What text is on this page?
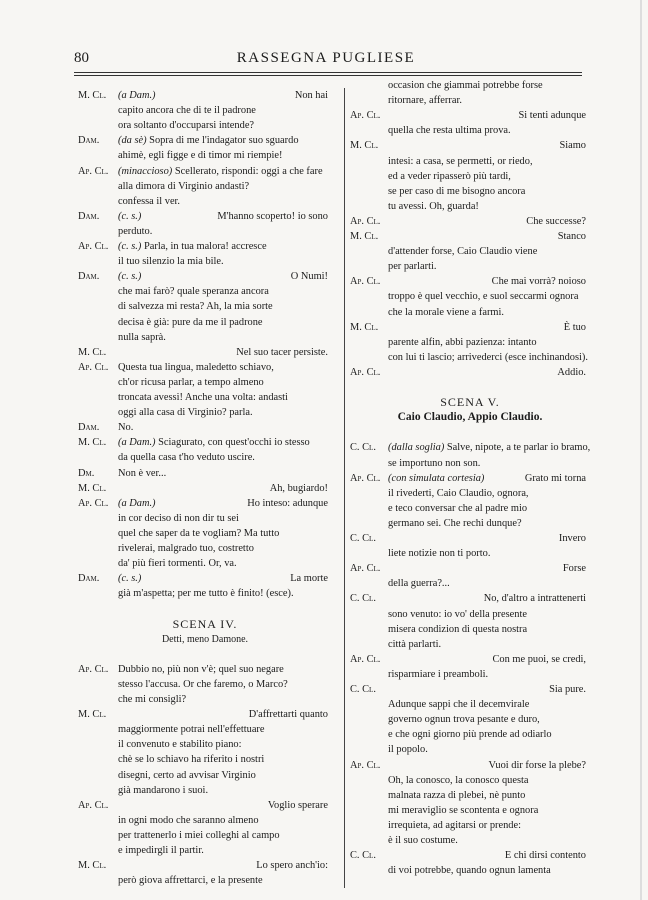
80	RASSEGNA PUGLIESE
M. Cl. (a Dam.)	Non hai
capito ancora che di te il padrone
ora soltanto d'occuparsi intende?
Dam. (da sè) Sopra di me l'indagator suo sguardo
ahimè, egli figge e di timor mi riempie!
Ap. Cl. (minaccioso) Scellerato, rispondi: oggi a che fare
alla dimora di Virginio andasti?
confessa il ver.
Dam. (c. s.)	M'hanno scoperto! io sono
perduto.
Ap. Cl. (c. s.) Parla, in tua malora! accresce
il tuo silenzio la mia bile.
Dam. (c. s.)	O Numi!
che mai farò? quale speranza ancora
di salvezza mi resta? Ah, la mia sorte
decisa è già: pure da me il padrone
nulla saprà.
M. Cl.	Nel suo tacer persiste.
Ap. Cl. Questa tua lingua, maledetto schiavo,
ch'or ricusa parlar, a tempo almeno
troncata avessi! Anche una volta: andasti
oggi alla casa di Virginio? parla.
Dam. No.
M. Cl. (a Dam.) Sciagurato, con quest'occhi io stesso
da quella casa t'ho veduto uscire.
Dm. Non è ver...
M. Cl.	Ah, bugiardo!
Ap. Cl. (a Dam.)	Ho inteso: adunque
in cor deciso di non dir tu sei
quel che saper da te vogliam? Ma tutto
rivelerai, malgrado tuo, costretto
da' più fieri tormenti. Or, va.
Dam. (c. s.)	La morte
già m'aspetta; per me tutto è finito! (esce).
SCENA IV.
Detti, meno Damone.
Ap. Cl. Dubbio no, più non v'è; quel suo negare
stesso l'accusa. Or che faremo, o Marco?
che mi consigli?
M. Cl.	D'affrettarti quanto
maggiormente potrai nell'effettuare
il convenuto e stabilito piano:
chè se lo schiavo ha riferito i nostri
disegni, certo ad avvisar Virginio
già mandarono i suoi.
Ap. Cl.	Voglio sperare
in ogni modo che saranno almeno
per trattenerlo i miei colleghi al campo
e impedirgli il partir.
M. Cl.	Lo spero anch'io:
però giova affrettarci, e la presente
occasion che giammai potrebbe forse
ritornare, afferrar.
Ap. Cl.	Si tenti adunque
quella che resta ultima prova.
M. Cl.	Siamo
intesi: a casa, se permetti, or riedo,
ed a veder ripasserò più tardi,
se per caso di me bisogno ancora
tu avessi. Oh, guarda!
Ap. Cl.	Che successe?
M. Cl.	Stanco
d'attender forse, Caio Claudio viene
per parlarti.
Ap. Cl.	Che mai vorrà? noioso
troppo è quel vecchio, e suol seccarmi ognora
che la morale viene a farmi.
M. Cl.	È tuo
parente alfin, abbi pazienza: intanto
con lui ti lascio; arrivederci (esce inchinandosi).
Ap. Cl.	Addio.
SCENA V.
Caio Claudio, Appio Claudio.
C. Cl. (dalla soglia) Salve, nipote, a te parlar io bramo,
se importuno non son.
Ap. Cl. (con simulata cortesia)	Grato mi torna
il rivederti, Caio Claudio, ognora,
e teco conversar che al padre mio
germano sei. Che rechi dunque?
C. Cl.	Invero
liete notizie non ti porto.
Ap. Cl.	Forse
della guerra?...
C. Cl.	No, d'altro a intrattenerti
sono venuto: io vo' della presente
misera condizion di questa nostra
città parlarti.
Ap. Cl.	Con me puoi, se credi,
risparmiare i preamboli.
C. Cl.	Sia pure.
Adunque sappi che il decemvirale
governo ognun trova pesante e duro,
e che ogni giorno più prende ad odiarlo
il popolo.
Ap. Cl.	Vuoi dir forse la plebe?
Oh, la conosco, la conosco questa
malnata razza di plebei, nè punto
mi meraviglio se scontenta e ognora
irrequieta, ad agitarsi or prende:
è il suo costume.
C. Cl.	E chi dirsi contento
di voi potrebbe, quando ognun lamenta
